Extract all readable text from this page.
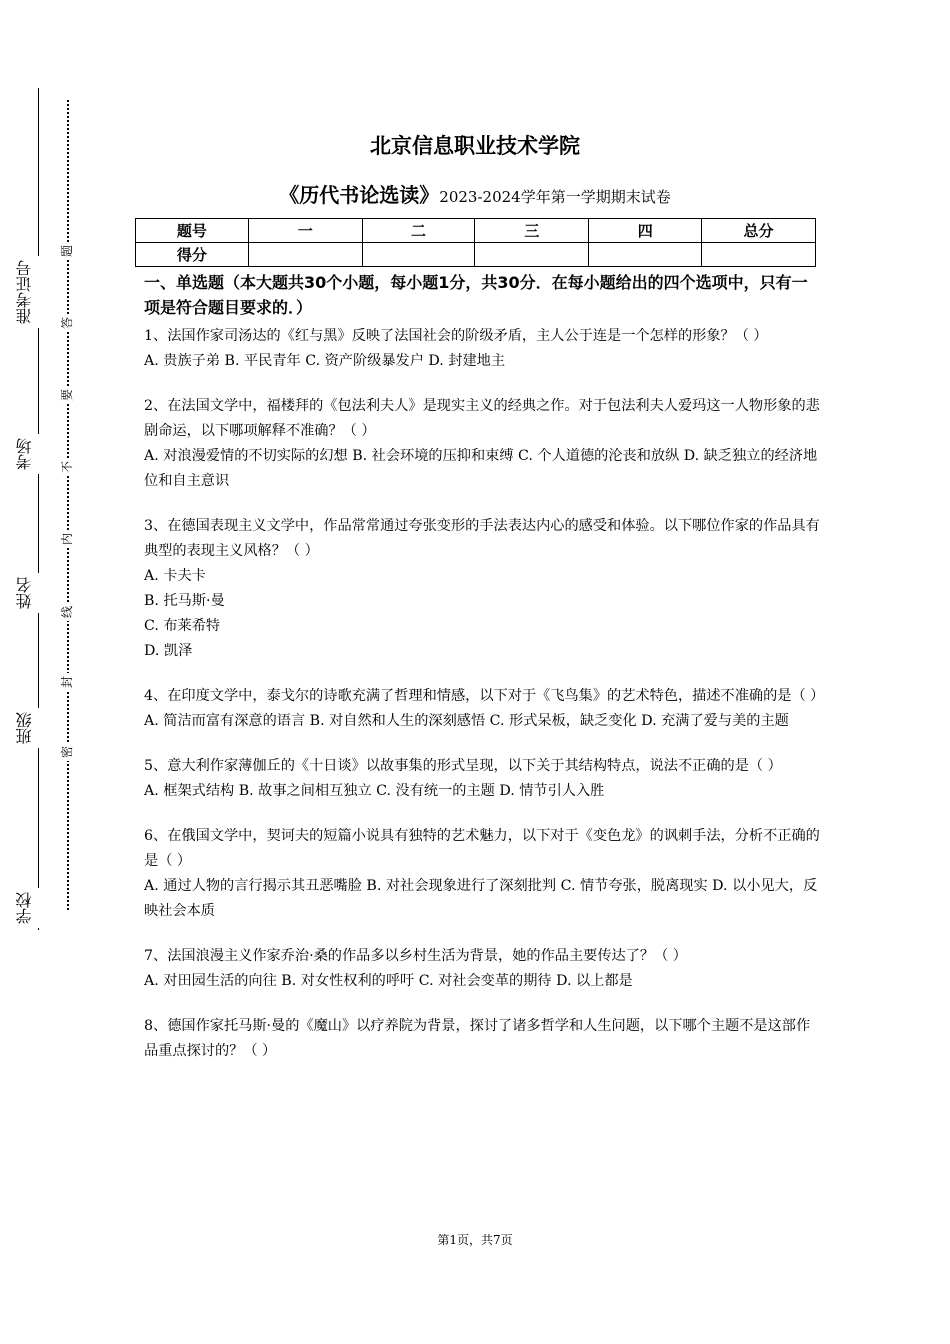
学校
班级
姓名
考场
准考证号
密
封
线
内
不
要
答
题
北京信息职业技术学院
《历代书论选读》2023-2024学年第一学期期末试卷
题号	一	二	三	四	总分
得分					
一、单选题（本大题共30个小题，每小题1分，共30分．在每小题给出的四个选项中，只有一项是符合题目要求的．）

1、法国作家司汤达的《红与黑》反映了法国社会的阶级矛盾，主人公于连是一个怎样的形象？（ ）

A. 贵族子弟 B. 平民青年 C. 资产阶级暴发户 D. 封建地主

2、在法国文学中，福楼拜的《包法利夫人》是现实主义的经典之作。对于包法利夫人爱玛这一人物形象的悲剧命运，以下哪项解释不准确？（ ）

A. 对浪漫爱情的不切实际的幻想 B. 社会环境的压抑和束缚 C. 个人道德的沦丧和放纵 D. 缺乏独立的经济地位和自主意识

3、在德国表现主义文学中，作品常常通过夸张变形的手法表达内心的感受和体验。以下哪位作家的作品具有典型的表现主义风格？（ ）

A. 卡夫卡

B. 托马斯·曼

C. 布莱希特

D. 凯泽

4、在印度文学中，泰戈尔的诗歌充满了哲理和情感，以下对于《飞鸟集》的艺术特色，描述不准确的是（ ）

A. 简洁而富有深意的语言 B. 对自然和人生的深刻感悟 C. 形式呆板，缺乏变化 D. 充满了爱与美的主题

5、意大利作家薄伽丘的《十日谈》以故事集的形式呈现，以下关于其结构特点，说法不正确的是（ ）

A. 框架式结构 B. 故事之间相互独立 C. 没有统一的主题 D. 情节引人入胜

6、在俄国文学中，契诃夫的短篇小说具有独特的艺术魅力，以下对于《变色龙》的讽刺手法，分析不正确的是（ ）

A. 通过人物的言行揭示其丑恶嘴脸 B. 对社会现象进行了深刻批判 C. 情节夸张，脱离现实 D. 以小见大，反映社会本质

7、法国浪漫主义作家乔治·桑的作品多以乡村生活为背景，她的作品主要传达了？（ ）

A. 对田园生活的向往 B. 对女性权利的呼吁 C. 对社会变革的期待 D. 以上都是

8、德国作家托马斯·曼的《魔山》以疗养院为背景，探讨了诸多哲学和人生问题，以下哪个主题不是这部作品重点探讨的？（ ）

第1页，共7页
